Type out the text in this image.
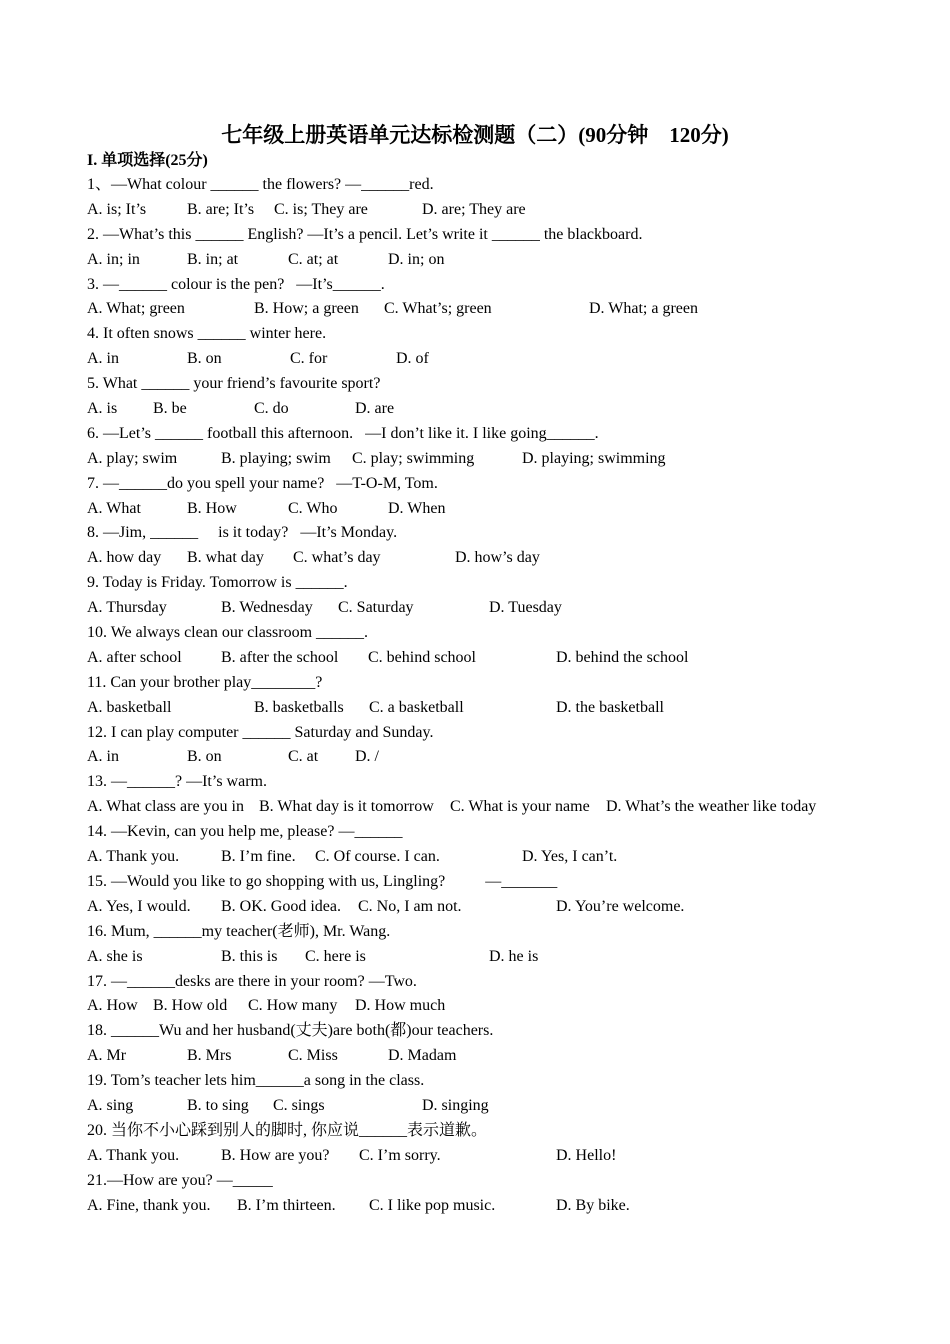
七年级上册英语单元达标检测题（二）(90分钟    120分)
I. 单项选择(25分)
1、—What colour ______ the flowers? —______red.
A. is; It’s	B. are; It’s C. is; They are	D. are; They are
2. —What’s this ______ English? —It’s a pencil. Let’s write it ______ the blackboard.
A. in; in	B. in; at	C. at; at	D. in; on
3. —______ colour is the pen?   —It’s______.
A. What; green	B. How; a green C. What’s; green	D. What; a green
4. It often snows ______ winter here.
A. in	B. on	C. for	D. of
5. What ______ your friend’s favourite sport?
A. is B. be	C. do	D. are
6. —Let’s ______ football this afternoon.   —I don’t like it. I like going______.
A. play; swim	B. playing; swim C. play; swimming	D. playing; swimming
7. —______do you spell your name?   —T-O-M, Tom.
A. What	B. How	C. Who	D. When
8. —Jim, ______     is it today?   —It’s Monday.
A. how day B. what day C. what’s day	D. how’s day
9. Today is Friday. Tomorrow is ______.
A. Thursday	B. Wednesday C. Saturday	D. Tuesday
10. We always clean our classroom ______.
A. after school B. after the school C. behind school	D. behind the school
11. Can your brother play________?
A. basketball	B. basketballs C. a basketball	D. the basketball
12. I can play computer ______ Saturday and Sunday.
A. in	B. on	C. at D. /
13. —______? —It’s warm.
A. What class are you in B. What day is it tomorrow C. What is your name D. What’s the weather like today
14. —Kevin, can you help me, please? —______
A. Thank you.	B. I’m fine. C. Of course. I can.	D. Yes, I can’t.
15. —Would you like to go shopping with us, Lingling?          —_______
A. Yes, I would. B. OK. Good idea. C. No, I am not.	D. You’re welcome.
16. Mum, ______my teacher(老师), Mr. Wang.
A. she is	B. this is C. here is	D. he is
17. —______desks are there in your room? —Two.
A. How B. How old C. How many D. How much
18. ______Wu and her husband(丈夫)are both(都)our teachers.
A. Mr	B. Mrs	C. Miss	D. Madam
19. Tom’s teacher lets him______a song in the class.
A. sing	B. to sing C. sings	D. singing
20. 当你不小心踩到别人的脚时, 你应说______表示道歉。
A. Thank you.	B. How are you? C. I’m sorry.	D. Hello!
21.—How are you? —_____
A. Fine, thank you. B. I’m thirteen. C. I like pop music.	D. By bike.
